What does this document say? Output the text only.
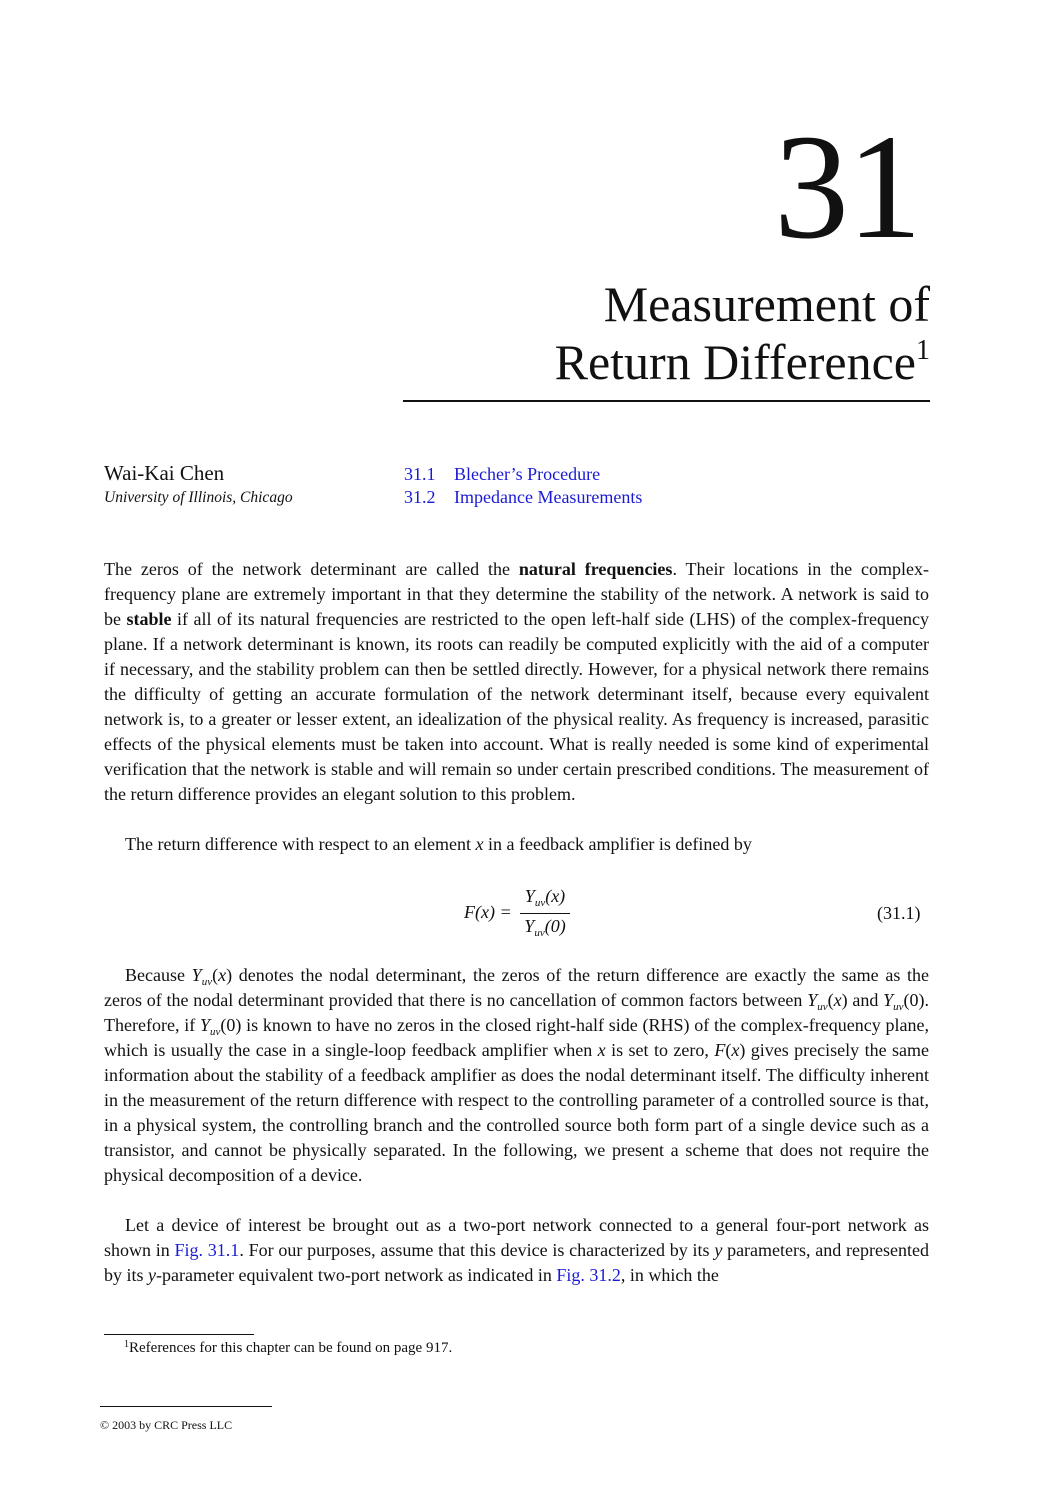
31
Measurement of
Return Difference$^1$
Wai-Kai Chen
University of Illinois, Chicago
31.1 Blecher’s Procedure
31.2 Impedance Measurements
The zeros of the network determinant are called the natural frequencies. Their locations in the complex-frequency plane are extremely important in that they determine the stability of the network. A network is said to be stable if all of its natural frequencies are restricted to the open left-half side (LHS) of the complex-frequency plane. If a network determinant is known, its roots can readily be computed explicitly with the aid of a computer if necessary, and the stability problem can then be settled directly. However, for a physical network there remains the difficulty of getting an accurate formulation of the network determinant itself, because every equivalent network is, to a greater or lesser extent, an idealization of the physical reality. As frequency is increased, parasitic effects of the physical elements must be taken into account. What is really needed is some kind of experimental verification that the network is stable and will remain so under certain prescribed conditions. The measurement of the return difference provides an elegant solution to this problem.
The return difference with respect to an element x in a feedback amplifier is defined by
F(x) =
$Y_{uv}(x)$
$Y_{uv}(0)$
(31.1)
Because $Y_{uv}(x)$ denotes the nodal determinant, the zeros of the return difference are exactly the same as the zeros of the nodal determinant provided that there is no cancellation of common factors between $Y_{uv}(x)$ and $Y_{uv}(0)$. Therefore, if $Y_{uv}(0)$ is known to have no zeros in the closed right-half side (RHS) of the complex-frequency plane, which is usually the case in a single-loop feedback amplifier when x is set to zero, F(x) gives precisely the same information about the stability of a feedback amplifier as does the nodal determinant itself. The difficulty inherent in the measurement of the return difference with respect to the controlling parameter of a controlled source is that, in a physical system, the controlling branch and the controlled source both form part of a single device such as a transistor, and cannot be physically separated. In the following, we present a scheme that does not require the physical decomposition of a device.
Let a device of interest be brought out as a two-port network connected to a general four-port network as shown in Fig. 31.1. For our purposes, assume that this device is characterized by its y parameters, and represented by its y-parameter equivalent two-port network as indicated in Fig. 31.2, in which the
$^1$References for this chapter can be found on page 917.
© 2003 by CRC Press LLC
